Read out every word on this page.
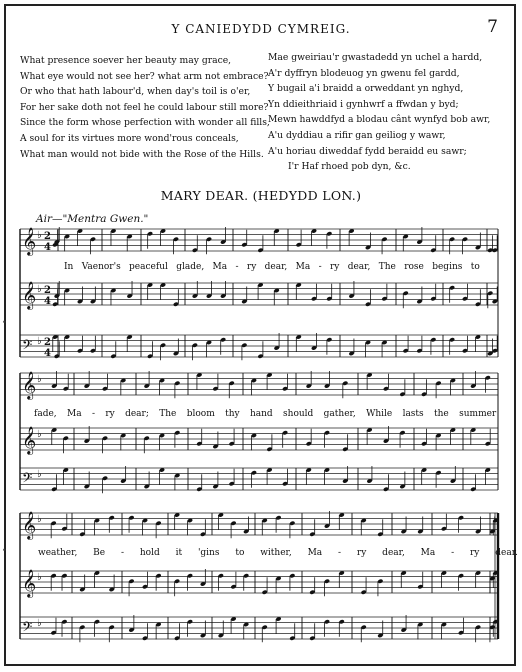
Y CANIEDYDD CYMREIG.	7
What presence soever her beauty may grace,
What eye would not see her? what arm not embrace?
Or who that hath labour'd, when day's toil is o'er,
For her sake doth not feel he could labour still more?
Since the form whose perfection with wonder all fills,
A soul for its virtues more wond'rous conceals,
What man would not bide with the Rose of the Hills.
Mae gweiriau'r gwastadedd yn uchel a hardd,
A'r dyffryn blodeuog yn gwenu fel gardd,
Y bugail a'i braidd a orweddant yn nghyd,
Yn ddieithriaid i gynhwrf a ffwdan y byd;
Mewn hawddfyd a blodau cânt wynfyd bob awr,
A'u dyddiau a rifir gan geiliog y wawr,
A'u horiau diweddaf fydd beraidd eu sawr;
I'r Haf rhoed pob dyn, &c.
MARY DEAR. (HEDYDD LON.)
Air—"Mentra Gwen."
𝄞 ♭ 2
4
𝄞 ♭ 2
4
𝄢 ♭ 2
4
𝄞 ♭
𝄞 ♭
𝄢 ♭
𝄞 ♭
𝄞 ♭
𝄢 ♭
In Vaenor's peaceful glade, Ma - ry dear, Ma - ry dear, The rose begins to
fade, Ma - ry dear; The bloom thy hand should gather, While lasts the summer
weather, Be - hold it 'gins to wither, Ma - ry dear, Ma - ry dear.
•
•
